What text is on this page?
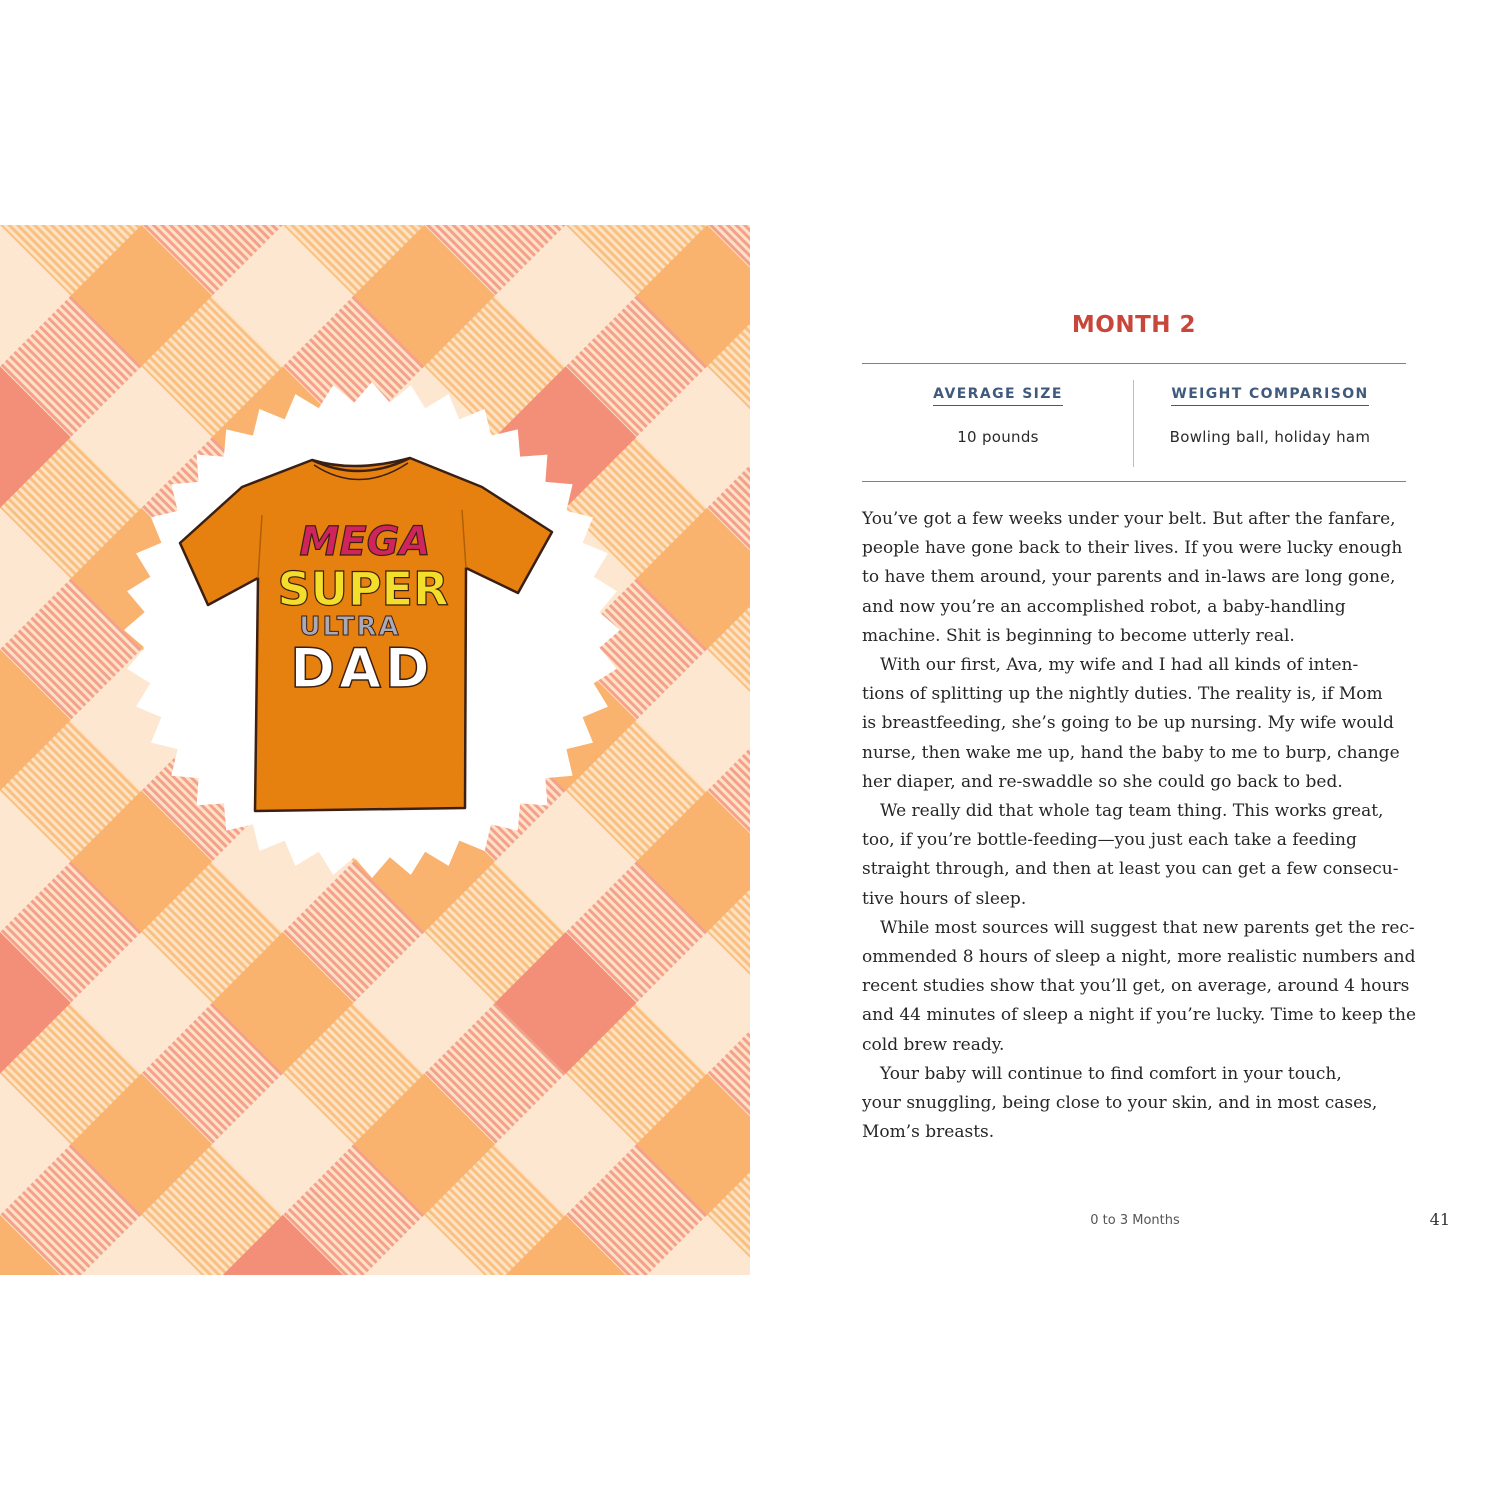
MEGA
SUPER
ULTRA
DAD
MONTH 2
AVERAGE SIZE
10 pounds
WEIGHT COMPARISON
Bowling ball, holiday ham
You’ve got a few weeks under your belt. But after the fanfare,
people have gone back to their lives. If you were lucky enough
to have them around, your parents and in-laws are long gone,
and now you’re an accomplished robot, a baby-handling
machine. Shit is beginning to become utterly real.
With our first, Ava, my wife and I had all kinds of inten-
tions of splitting up the nightly duties. The reality is, if Mom
is breastfeeding, she’s going to be up nursing. My wife would
nurse, then wake me up, hand the baby to me to burp, change
her diaper, and re-swaddle so she could go back to bed.
We really did that whole tag team thing. This works great,
too, if you’re bottle-feeding—you just each take a feeding
straight through, and then at least you can get a few consecu-
tive hours of sleep.
While most sources will suggest that new parents get the rec-
ommended 8 hours of sleep a night, more realistic numbers and
recent studies show that you’ll get, on average, around 4 hours
and 44 minutes of sleep a night if you’re lucky. Time to keep the
cold brew ready.
Your baby will continue to find comfort in your touch,
your snuggling, being close to your skin, and in most cases,
Mom’s breasts.
0 to 3 Months	41
